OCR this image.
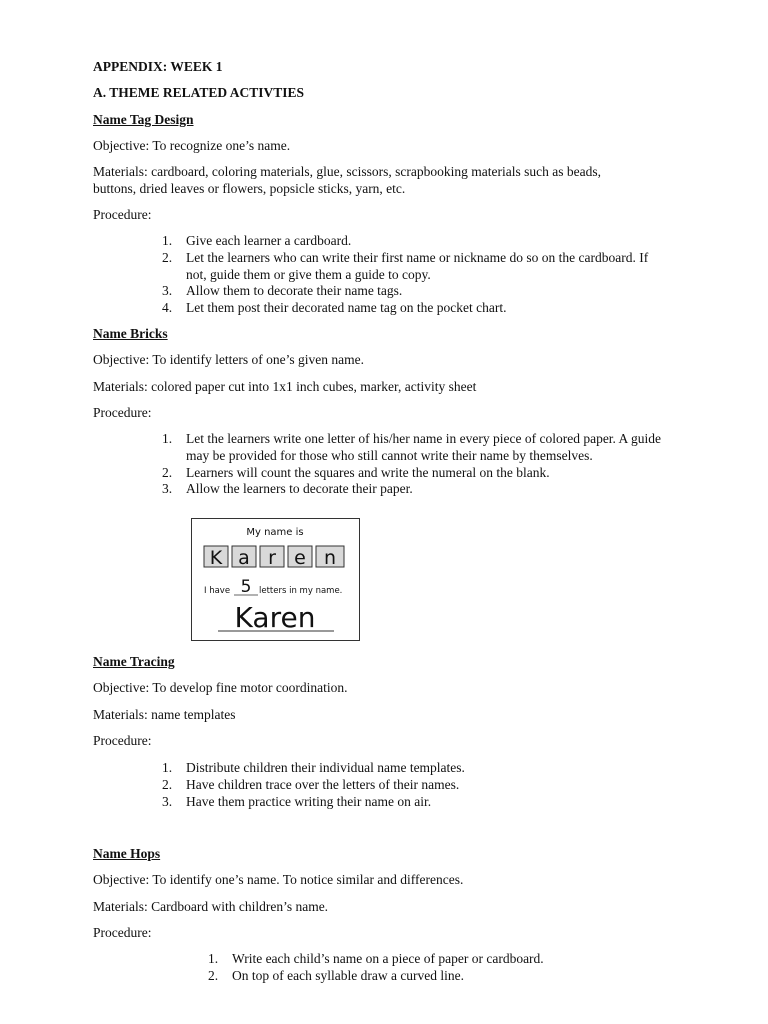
APPENDIX: WEEK 1
A. THEME RELATED ACTIVTIES
Name Tag Design
Objective: To recognize one’s name.
Materials: cardboard, coloring materials, glue, scissors, scrapbooking materials such as beads,
buttons, dried leaves or flowers, popsicle sticks, yarn, etc.
Procedure:
1. Give each learner a cardboard.
2. Let the learners who can write their first name or nickname do so on the cardboard. If not, guide them or give them a guide to copy.
3. Allow them to decorate their name tags.
4. Let them post their decorated name tag on the pocket chart.
Name Bricks
Objective: To identify letters of one’s given name.
Materials: colored paper cut into 1x1 inch cubes, marker, activity sheet
Procedure:
1. Let the learners write one letter of his/her name in every piece of colored paper. A guide may be provided for those who still cannot write their name by themselves.
2. Learners will count the squares and write the numeral on the blank.
3. Allow the learners to decorate their paper.
My name is
K a r e n
I have 5 letters in my name.
Karen
Name Tracing
Objective: To develop fine motor coordination.
Materials: name templates
Procedure:
1. Distribute children their individual name templates.
2. Have children trace over the letters of their names.
3. Have them practice writing their name on air.
Name Hops
Objective: To identify one’s name. To notice similar and differences.
Materials: Cardboard with children’s name.
Procedure:
1. Write each child’s name on a piece of paper or cardboard.
2. On top of each syllable draw a curved line.
